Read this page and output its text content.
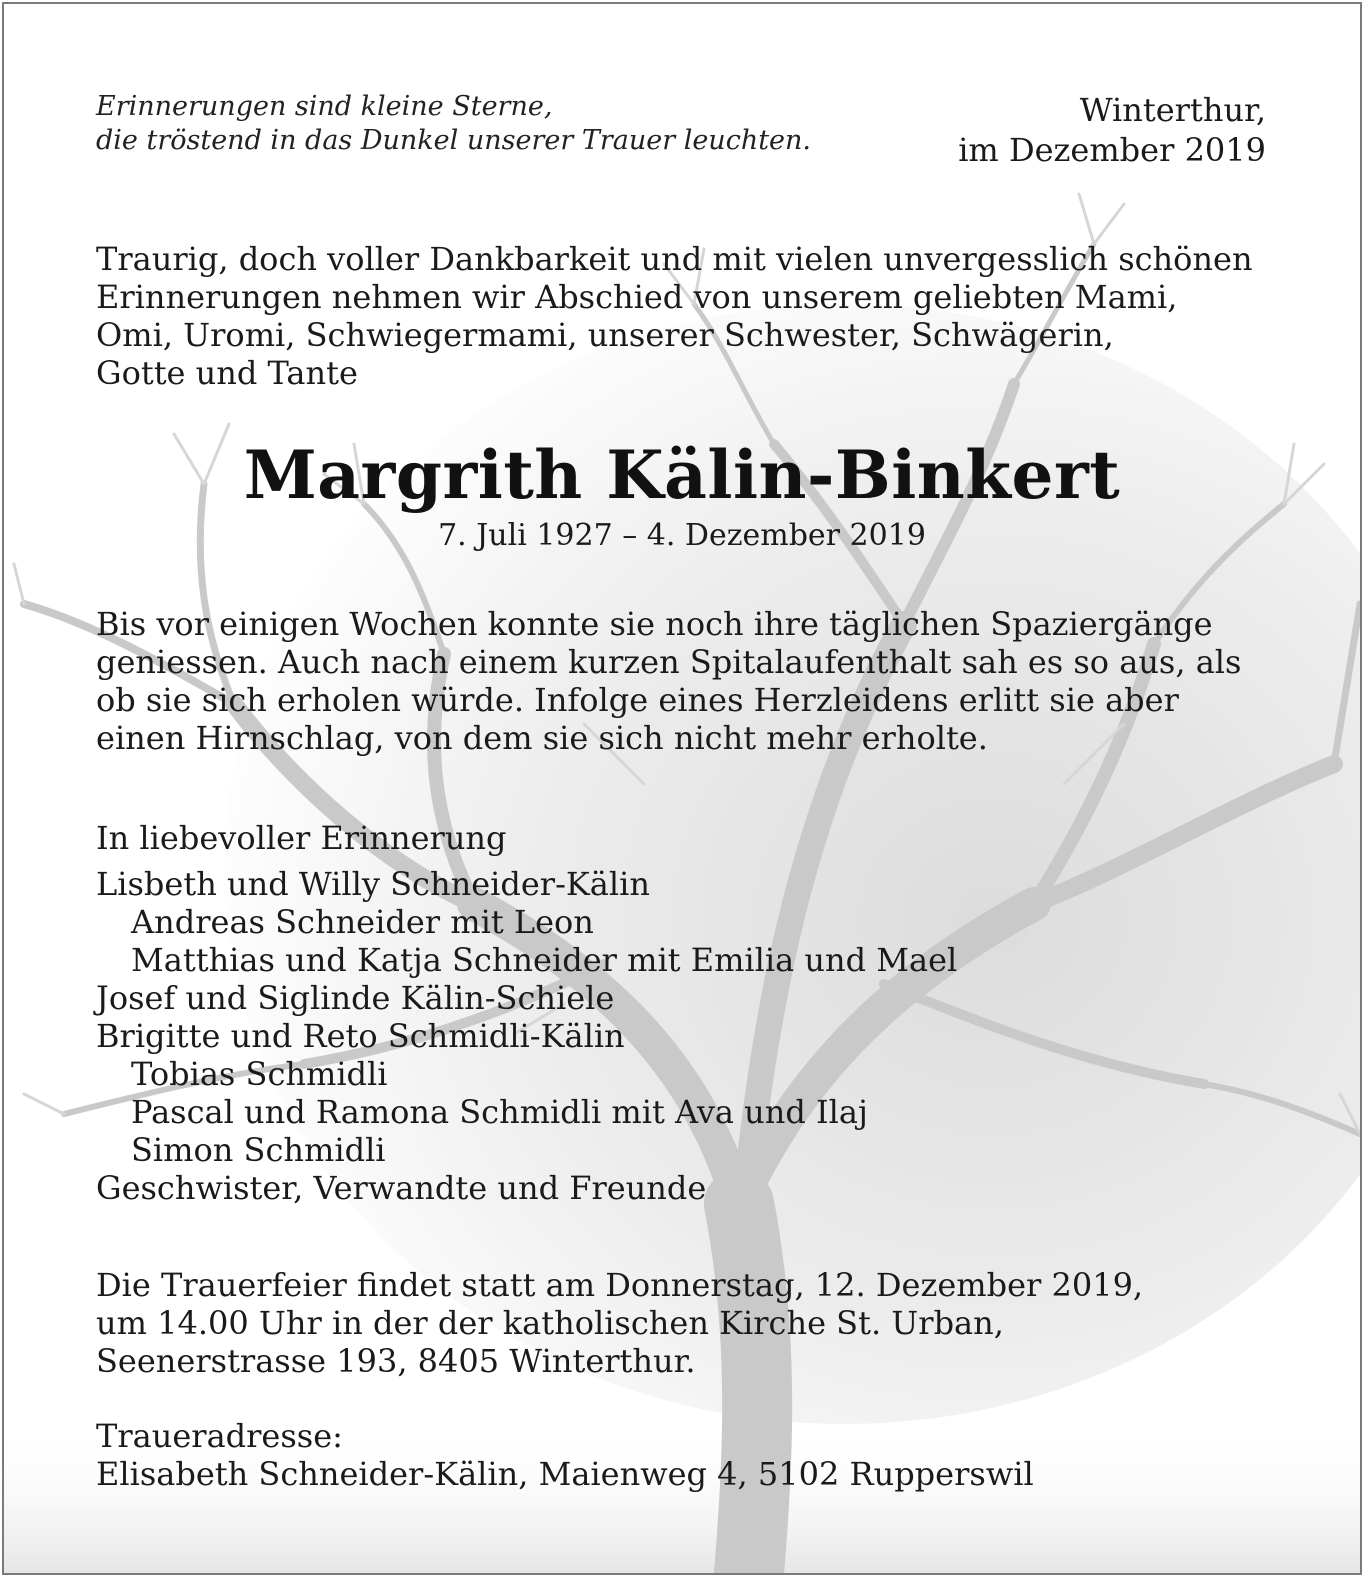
Erinnerungen sind kleine Sterne,
die tröstend in das Dunkel unserer Trauer leuchten.

Winterthur,
im Dezember 2019

Traurig, doch voller Dankbarkeit und mit vielen unvergesslich schönen
Erinnerungen nehmen wir Abschied von unserem geliebten Mami,
Omi, Uromi, Schwiegermami, unserer Schwester, Schwägerin,
Gotte und Tante

Margrith Kälin-Binkert

7. Juli 1927 – 4. Dezember 2019

Bis vor einigen Wochen konnte sie noch ihre täglichen Spaziergänge
geniessen. Auch nach einem kurzen Spitalaufenthalt sah es so aus, als
ob sie sich erholen würde. Infolge eines Herzleidens erlitt sie aber
einen Hirnschlag, von dem sie sich nicht mehr erholte.

In liebevoller Erinnerung
Lisbeth und Willy Schneider-Kälin
Andreas Schneider mit Leon
Matthias und Katja Schneider mit Emilia und Mael
Josef und Siglinde Kälin-Schiele
Brigitte und Reto Schmidli-Kälin
Tobias Schmidli
Pascal und Ramona Schmidli mit Ava und Ilaj
Simon Schmidli
Geschwister, Verwandte und Freunde

Die Trauerfeier findet statt am Donnerstag, 12. Dezember 2019,
um 14.00 Uhr in der der katholischen Kirche St. Urban,
Seenerstrasse 193, 8405 Winterthur.

Traueradresse:
Elisabeth Schneider-Kälin, Maienweg 4, 5102 Rupperswil
